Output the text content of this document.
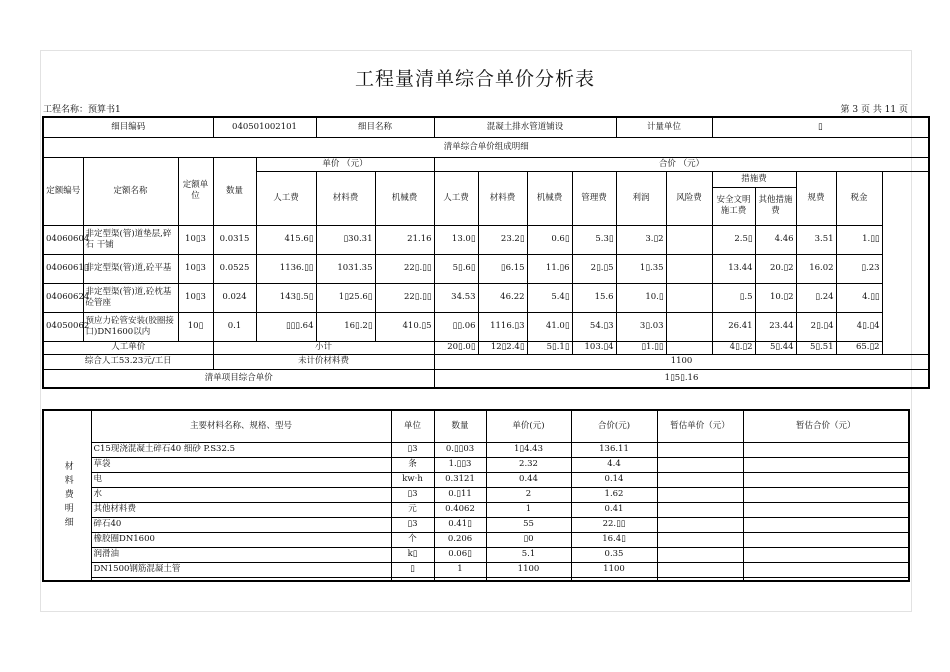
工程量清单综合单价分析表
工程名称：预算书1	第 3 页 共 11 页
细目编码			040501002101		细目名称		混凝土排水管道铺设				计量单位		▯			
清单综合单价组成明细																
定额编号	定额名称	定额单位	数量	单价 （元）			合价 （元）									
				人工费	材料费	机械费	人工费	材料费	机械费	管理费	利润	风险费	措施费		规费	税金
													安全文明施工费	其他措施费		
04060604	非定型渠(管)道垫层,碎石 干铺	10▯3	0.0315	415.6▯	▯30.31	21.16	13.0▯	23.2▯	0.6▯	5.3▯	3.▯2		2.5▯	4.46	3.51	1.▯▯
0406061▯	非定型渠(管)道,砼平基	10▯3	0.0525	1136.▯▯	1031.35	22▯.▯▯	5▯.6▯	▯6.15	11.▯6	2▯.▯5	1▯.35		13.44	20.▯2	16.02	▯.23
04060624	非定型渠(管)道,砼枕基 砼管座	10▯3	0.024	143▯.5▯	1▯25.6▯	22▯.▯▯	34.53	46.22	5.4▯	15.6	10.▯		▯.5	10.▯2	▯.24	4.▯▯
04050062	预应力砼管安装(胶圈接口)DN1600以内	10▯	0.1	▯▯▯.64	16▯.2▯	410.▯5	▯▯.06	1116.▯3	41.0▯	54.▯3	3▯.03		26.41	23.44	2▯.▯4	4▯.▯4
人工单价			小计				20▯.0▯	12▯2.4▯	5▯.1▯	103.▯4	▯1.▯▯		4▯.▯2	5▯.44	5▯.51	65.▯2
综合人工53.23元/工日			未计价材料费				1100									
清单项目综合单价							1▯5▯.16									
材料费明细	主要材料名称、规格、型号	单位	数量	单价(元)	合价(元)	暂估单价（元）	暂估合价（元）
	C15现浇混凝土碎石40 细砂 P.S32.5	▯3	0.▯▯03	1▯4.43	136.11		
	草袋	条	1.▯▯3	2.32	4.4		
	电	kw·h	0.3121	0.44	0.14		
	水	▯3	0.▯11	2	1.62		
	其他材料费	元	0.4062	1	0.41		
	碎石40	▯3	0.41▯	55	22.▯▯		
	橡胶圈DN1600	个	0.206	▯0	16.4▯		
	润滑油	k▯	0.06▯	5.1	0.35		
	DN1500钢筋混凝土管	▯	1	1100	1100		
